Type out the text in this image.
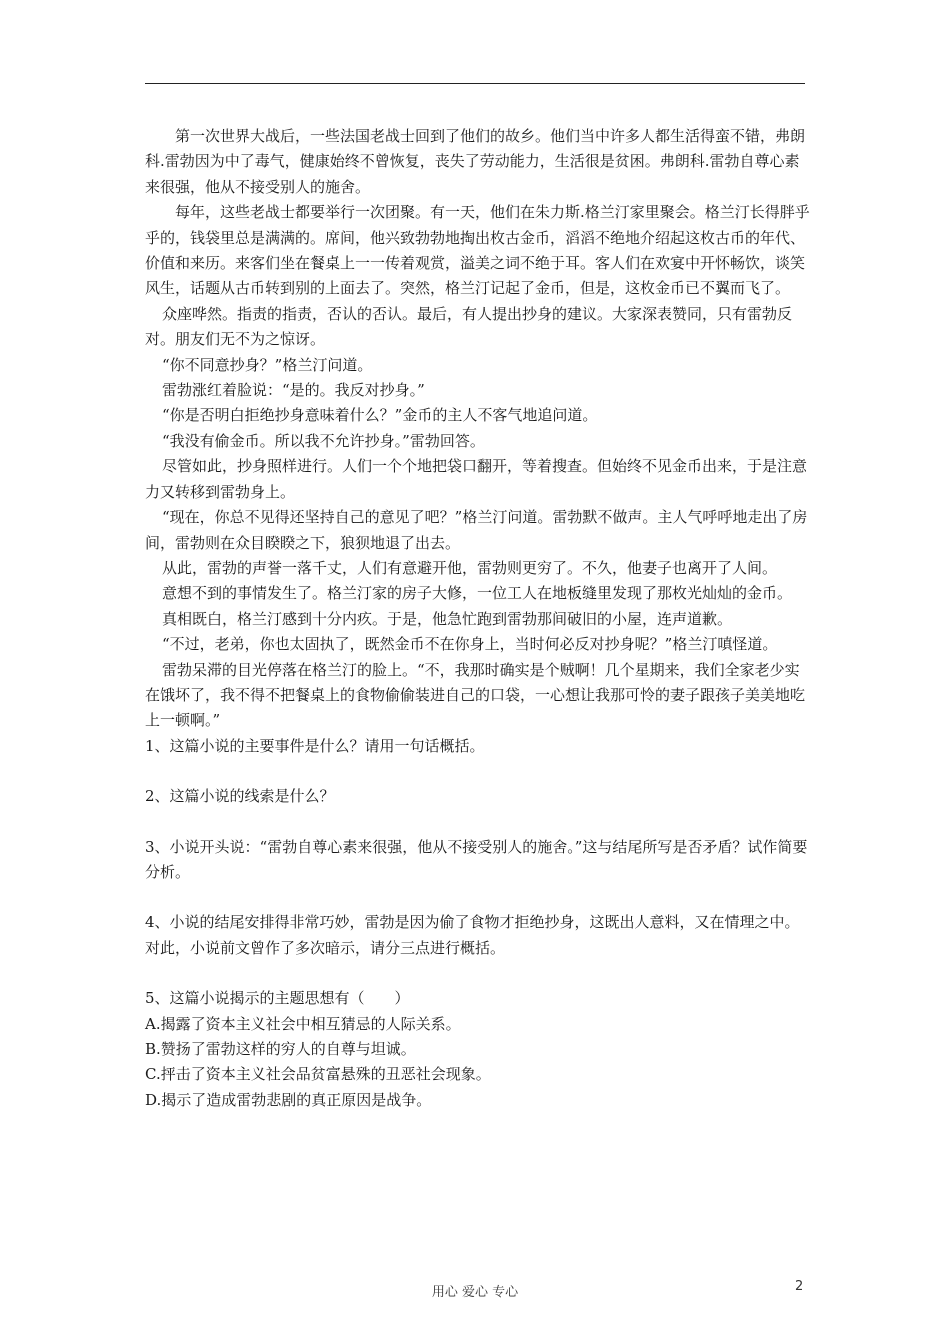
第一次世界大战后，一些法国老战士回到了他们的故乡。他们当中许多人都生活得蛮不错，弗朗科.雷勃因为中了毒气，健康始终不曾恢复，丧失了劳动能力，生活很是贫困。弗朗科.雷勃自尊心素来很强，他从不接受别人的施舍。

每年，这些老战士都要举行一次团聚。有一天，他们在朱力斯.格兰汀家里聚会。格兰汀长得胖乎乎的，钱袋里总是满满的。席间，他兴致勃勃地掏出枚古金币，滔滔不绝地介绍起这枚古币的年代、价值和来历。来客们坐在餐桌上一一传着观赏，溢美之词不绝于耳。客人们在欢宴中开怀畅饮，谈笑风生，话题从古币转到别的上面去了。突然，格兰汀记起了金币，但是，这枚金币已不翼而飞了。

众座哗然。指责的指责，否认的否认。最后，有人提出抄身的建议。大家深表赞同，只有雷勃反对。朋友们无不为之惊讶。

“你不同意抄身？”格兰汀问道。

雷勃涨红着脸说：“是的。我反对抄身。”

“你是否明白拒绝抄身意味着什么？”金币的主人不客气地追问道。

“我没有偷金币。所以我不允许抄身。”雷勃回答。

尽管如此，抄身照样进行。人们一个个地把袋口翻开，等着搜查。但始终不见金币出来，于是注意力又转移到雷勃身上。

“现在，你总不见得还坚持自己的意见了吧？”格兰汀问道。雷勃默不做声。主人气呼呼地走出了房间，雷勃则在众目睽睽之下，狼狈地退了出去。

从此，雷勃的声誉一落千丈，人们有意避开他，雷勃则更穷了。不久，他妻子也离开了人间。

意想不到的事情发生了。格兰汀家的房子大修，一位工人在地板缝里发现了那枚光灿灿的金币。

真相既白，格兰汀感到十分内疚。于是，他急忙跑到雷勃那间破旧的小屋，连声道歉。

“不过，老弟，你也太固执了，既然金币不在你身上，当时何必反对抄身呢？”格兰汀嗔怪道。

雷勃呆滞的目光停落在格兰汀的脸上。“不，我那时确实是个贼啊！几个星期来，我们全家老少实在饿坏了，我不得不把餐桌上的食物偷偷装进自己的口袋，一心想让我那可怜的妻子跟孩子美美地吃上一顿啊。”

1、这篇小说的主要事件是什么？请用一句话概括。

2、这篇小说的线索是什么？

3、小说开头说：“雷勃自尊心素来很强，他从不接受别人的施舍。”这与结尾所写是否矛盾？试作简要分析。

4、小说的结尾安排得非常巧妙，雷勃是因为偷了食物才拒绝抄身，这既出人意料，又在情理之中。对此，小说前文曾作了多次暗示，请分三点进行概括。

5、这篇小说揭示的主题思想有（　　）

A.揭露了资本主义社会中相互猜忌的人际关系。

B.赞扬了雷勃这样的穷人的自尊与坦诚。

C.抨击了资本主义社会品贫富悬殊的丑恶社会现象。

D.揭示了造成雷勃悲剧的真正原因是战争。

用心 爱心 专心	2
